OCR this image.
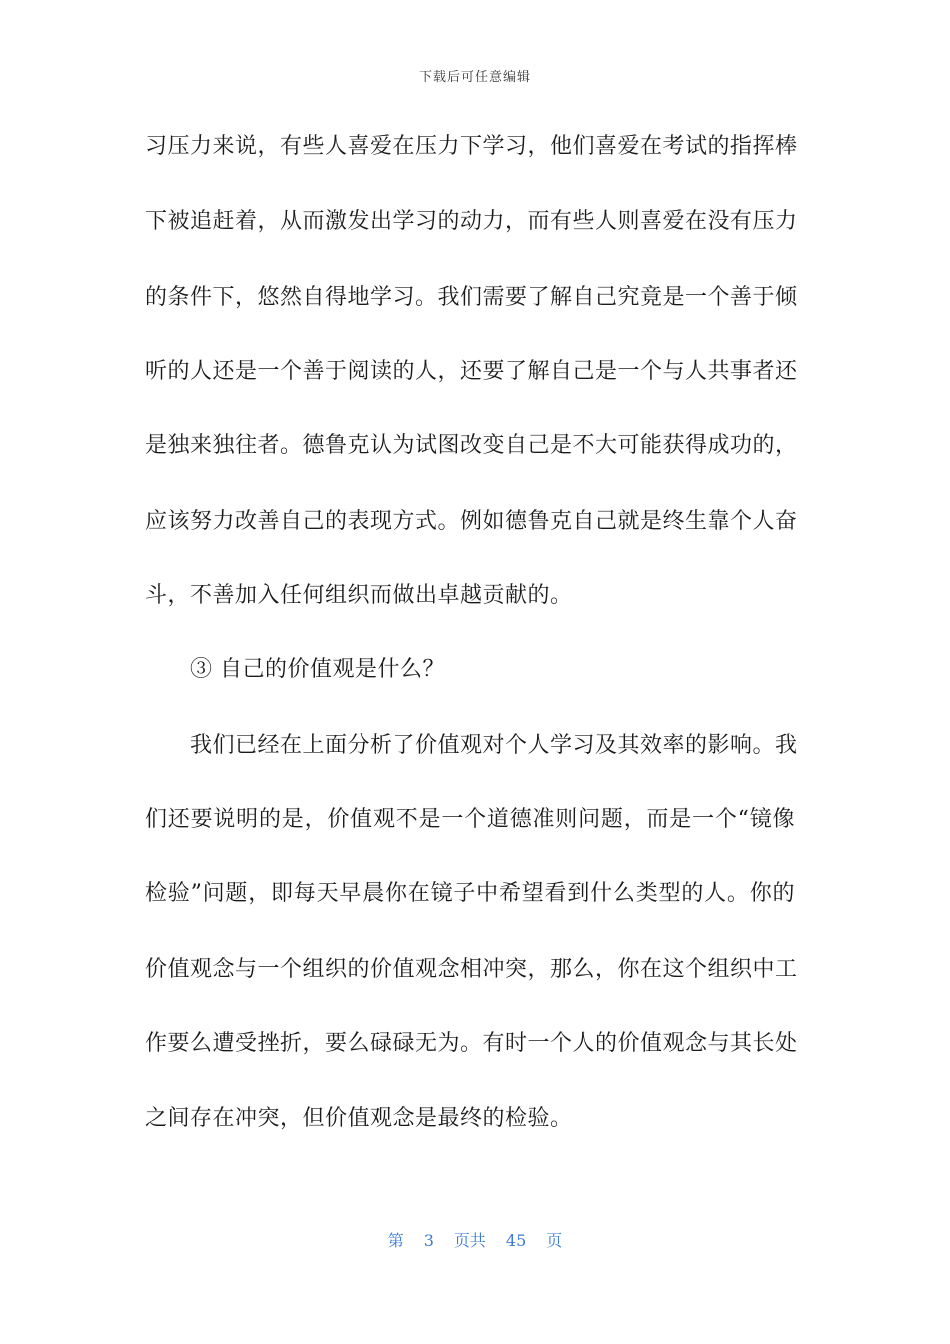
下载后可任意编辑
习压力来说，有些人喜爱在压力下学习，他们喜爱在考试的指挥棒
下被追赶着，从而激发出学习的动力，而有些人则喜爱在没有压力
的条件下，悠然自得地学习。我们需要了解自己究竟是一个善于倾
听的人还是一个善于阅读的人，还要了解自己是一个与人共事者还
是独来独往者。德鲁克认为试图改变自己是不大可能获得成功的，
应该努力改善自己的表现方式。例如德鲁克自己就是终生靠个人奋
斗，不善加入任何组织而做出卓越贡献的。
③ 自己的价值观是什么？
我们已经在上面分析了价值观对个人学习及其效率的影响。我
们还要说明的是，价值观不是一个道德准则问题，而是一个“镜像
检验”问题，即每天早晨你在镜子中希望看到什么类型的人。你的
价值观念与一个组织的价值观念相冲突，那么，你在这个组织中工
作要么遭受挫折，要么碌碌无为。有时一个人的价值观念与其长处
之间存在冲突，但价值观念是最终的检验。
第 3 页共 45 页
